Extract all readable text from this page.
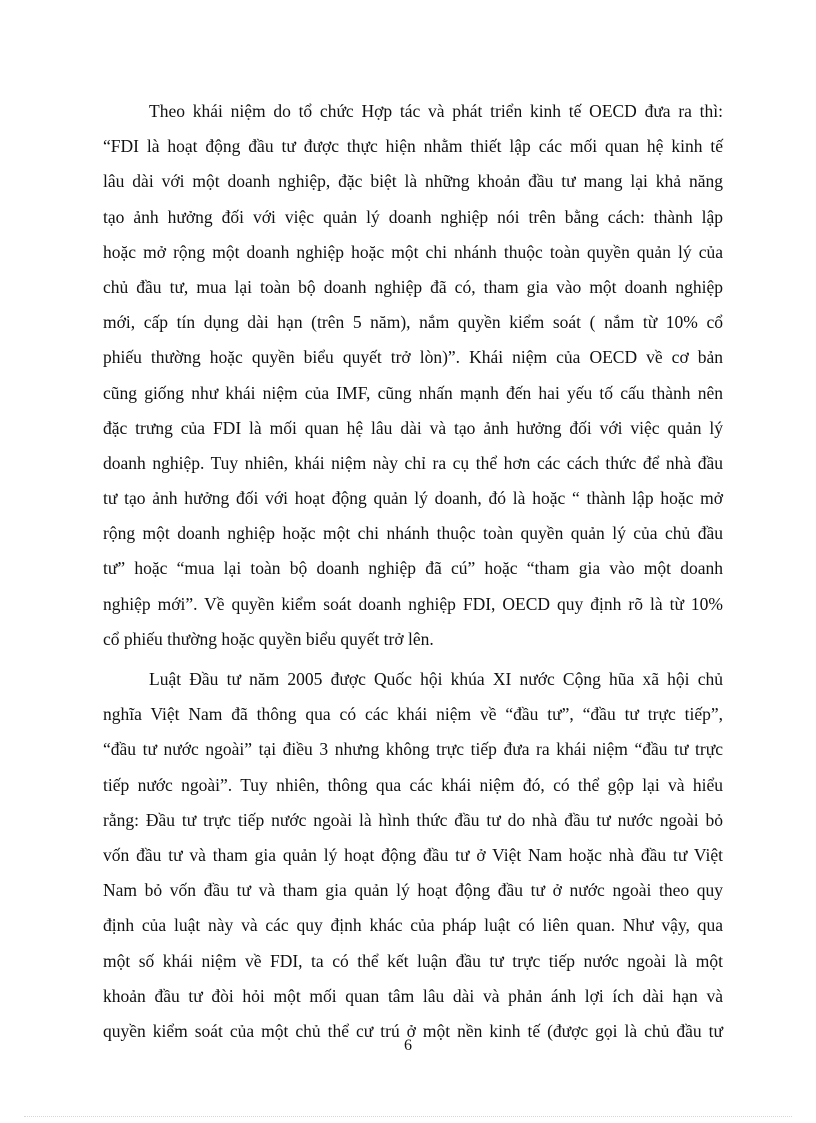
Theo khái niệm do tổ chức Hợp tác và phát triển kinh tế OECD đưa ra thì:
“FDI là hoạt động đầu tư được thực hiện nhằm thiết lập các mối quan hệ kinh tế
lâu dài với một doanh nghiệp, đặc biệt là những khoản đầu tư mang lại khả năng
tạo ảnh hưởng đối với việc quản lý doanh nghiệp nói trên bằng cách: thành lập
hoặc mở rộng một doanh nghiệp hoặc một chi nhánh thuộc toàn quyền quản lý của
chủ đầu tư, mua lại toàn bộ doanh nghiệp đã có, tham gia vào một doanh nghiệp
mới, cấp tín dụng dài hạn (trên 5 năm), nắm quyền kiểm soát ( nắm từ 10% cổ
phiếu thường hoặc quyền biểu quyết trở lòn)”. Khái niệm của OECD về cơ bản
cũng giống như khái niệm của IMF, cũng nhấn mạnh đến hai yếu tố cấu thành nên
đặc trưng của FDI là mối quan hệ lâu dài và tạo ảnh hưởng đối với việc quản lý
doanh nghiệp. Tuy nhiên, khái niệm này chỉ ra cụ thể hơn các cách thức để nhà đầu
tư tạo ảnh hưởng đối với hoạt động quản lý doanh, đó là hoặc “ thành lập hoặc mở
rộng một doanh nghiệp hoặc một chi nhánh thuộc toàn quyền quản lý của chủ đầu
tư” hoặc “mua lại toàn bộ doanh nghiệp đã cú” hoặc “tham gia vào một doanh
nghiệp mới”. Về quyền kiểm soát doanh nghiệp FDI, OECD quy định rõ là từ 10%
cổ phiếu thường hoặc quyền biểu quyết trở lên.
Luật Đầu tư năm 2005 được Quốc hội khúa XI nước Cộng hũa xã hội chủ
nghĩa Việt Nam đã thông qua có các khái niệm về “đầu tư”, “đầu tư trực tiếp”,
“đầu tư nước ngoài” tại điều 3 nhưng không trực tiếp đưa ra khái niệm “đầu tư trực
tiếp nước ngoài”. Tuy nhiên, thông qua các khái niệm đó, có thể gộp lại và hiểu
rằng: Đầu tư trực tiếp nước ngoài là hình thức đầu tư do nhà đầu tư nước ngoài bỏ
vốn đầu tư và tham gia quản lý hoạt động đầu tư ở Việt Nam hoặc nhà đầu tư Việt
Nam bỏ vốn đầu tư và tham gia quản lý hoạt động đầu tư ở nước ngoài theo quy
định của luật này và các quy định khác của pháp luật có liên quan. Như vậy, qua
một số khái niệm về FDI, ta có thể kết luận đầu tư trực tiếp nước ngoài là một
khoản đầu tư đòi hỏi một mối quan tâm lâu dài và phản ánh lợi ích dài hạn và
quyền kiểm soát của một chủ thể cư trú ở một nền kinh tế (được gọi là chủ đầu tư
6
